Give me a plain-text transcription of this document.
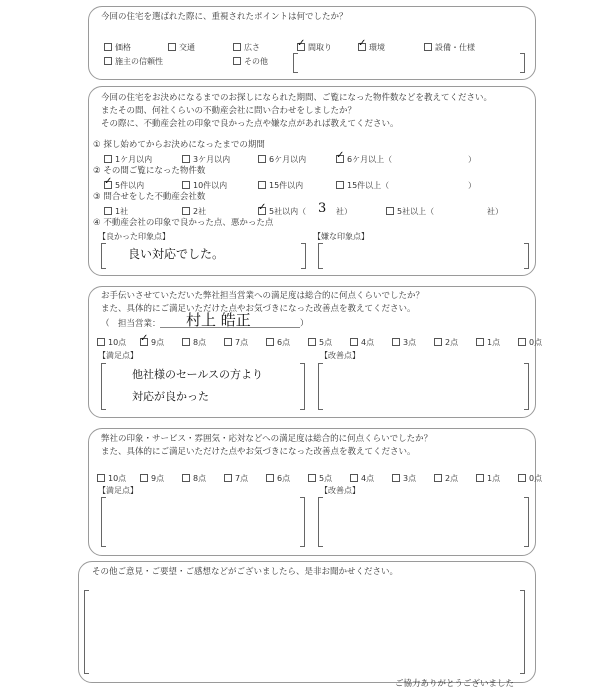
今回の住宅を選ばれた際に、重視されたポイントは何でしたか？
価格	交通	広さ ✓	間取り ✓	環境	設備・仕様
施主の信頼性	その他
今回の住宅をお決めになるまでのお探しになられた期間、ご覧になった物件数などを教えてください。
またその間、何社くらいの不動産会社に問い合わせをしましたか？
その際に、不動産会社の印象で良かった点や嫌な点があれば教えてください。
① 探し始めてからお決めになったまでの期間
1ケ月以内	3ケ月以内	6ケ月以内 ✓	6ケ月以上（	）
② その間ご覧になった物件数
✓5件以内	10件以内	15件以内	15件以上（	）
③ 問合せをした不動産会社数
1社	2社 ✓	5社以内（	5社以上（
3 社）	社）
④ 不動産会社の印象で良かった点、悪かった点
【良かった印象点】	【嫌な印象点】
良い対応でした。
お手伝いさせていただいた弊社担当営業への満足度は総合的に何点くらいでしたか？
また、具体的にご満足いただけた点やお気づきになった改善点を教えてください。
（　担当営業： 村上 皓正	）
10点 ✓	9点	8点	7点	6点	5点	4点	3点	2点	1点	0点
【満足点】	【改善点】
他社様のセールスの方より
対応が良かった
弊社の印象・サービス・雰囲気・応対などへの満足度は総合的に何点くらいでしたか？
また、具体的にご満足いただけた点やお気づきになった改善点を教えてください。
10点	9点	8点	7点	6点	5点	4点	3点	2点	1点	0点
【満足点】	【改善点】
その他ご意見・ご要望・ご感想などがございましたら、是非お聞かせください。
ご協力ありがとうございました
